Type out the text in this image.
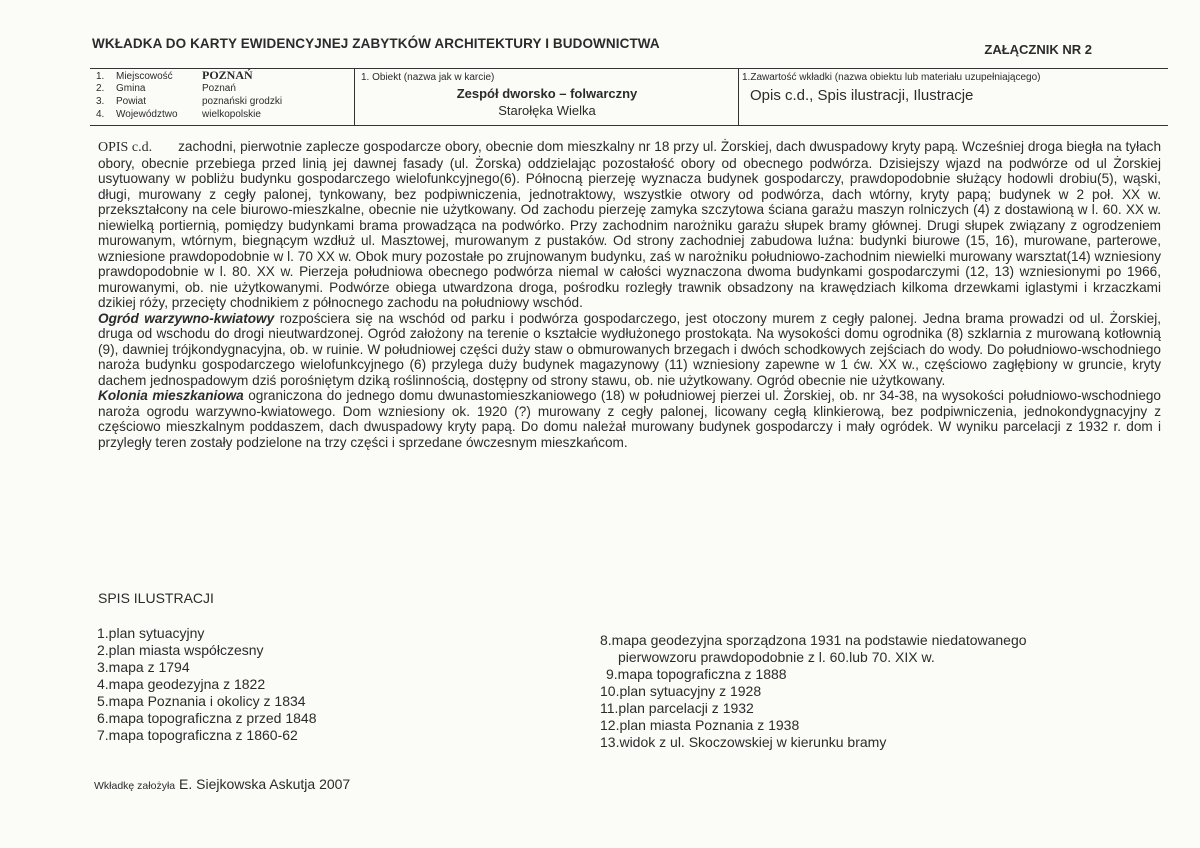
WKŁADKA DO KARTY EWIDENCYJNEJ ZABYTKÓW ARCHITEKTURY I BUDOWNICTWA	ZAŁĄCZNIK NR 2
1. Miejscowość POZNAŃ
2. Gmina	Poznań
3. Powiat	poznański grodzki
4. Województwo wielkopolskie
1. Obiekt (nazwa jak w karcie)
Zespół dworsko – folwarczny
Starołęka Wielka
1.Zawartość wkładki (nazwa obiektu lub materiału uzupełniającego)
Opis c.d., Spis ilustracji, Ilustracje

OPIS c.d. zachodni, pierwotnie zaplecze gospodarcze obory, obecnie dom mieszkalny nr 18 przy ul. Żorskiej, dach dwuspadowy kryty papą. Wcześniej droga biegła na tyłach obory, obecnie przebiega przed linią jej dawnej fasady (ul. Żorska) oddzielając pozostałość obory od obecnego podwórza. Dzisiejszy wjazd na podwórze od ul Żorskiej usytuowany w pobliżu budynku gospodarczego wielofunkcyjnego(6). Północną pierzeję wyznacza budynek gospodarczy, prawdopodobnie służący hodowli drobiu(5), wąski, długi, murowany z cegły palonej, tynkowany, bez podpiwniczenia, jednotraktowy, wszystkie otwory od podwórza, dach wtórny, kryty papą; budynek w 2 poł. XX w. przekształcony na cele biurowo-mieszkalne, obecnie nie użytkowany. Od zachodu pierzeję zamyka szczytowa ściana garażu maszyn rolniczych (4) z dostawioną w l. 60. XX w. niewielką portiernią, pomiędzy budynkami brama prowadząca na podwórko. Przy zachodnim narożniku garażu słupek bramy głównej. Drugi słupek związany z ogrodzeniem murowanym, wtórnym, biegnącym wzdłuż ul. Masztowej, murowanym z pustaków. Od strony zachodniej zabudowa luźna: budynki biurowe (15, 16), murowane, parterowe, wzniesione prawdopodobnie w l. 70 XX w. Obok mury pozostałe po zrujnowanym budynku, zaś w narożniku południowo-zachodnim niewielki murowany warsztat(14) wzniesiony prawdopodobnie w l. 80. XX w. Pierzeja południowa obecnego podwórza niemal w całości wyznaczona dwoma budynkami gospodarczymi (12, 13) wzniesionymi po 1966, murowanymi, ob. nie użytkowanymi. Podwórze obiega utwardzona droga, pośrodku rozległy trawnik obsadzony na krawędziach kilkoma drzewkami iglastymi i krzaczkami dzikiej róży, przecięty chodnikiem z północnego zachodu na południowy wschód.

Ogród warzywno-kwiatowy rozpościera się na wschód od parku i podwórza gospodarczego, jest otoczony murem z cegły palonej. Jedna brama prowadzi od ul. Żorskiej, druga od wschodu do drogi nieutwardzonej. Ogród założony na terenie o kształcie wydłużonego prostokąta. Na wysokości domu ogrodnika (8) szklarnia z murowaną kotłownią (9), dawniej trójkondygnacyjna, ob. w ruinie. W południowej części duży staw o obmurowanych brzegach i dwóch schodkowych zejściach do wody. Do południowo-wschodniego naroża budynku gospodarczego wielofunkcyjnego (6) przylega duży budynek magazynowy (11) wzniesiony zapewne w 1 ćw. XX w., częściowo zagłębiony w gruncie, kryty dachem jednospadowym dziś porośniętym dziką roślinnością, dostępny od strony stawu, ob. nie użytkowany. Ogród obecnie nie użytkowany.

Kolonia mieszkaniowa ograniczona do jednego domu dwunastomieszkaniowego (18) w południowej pierzei ul. Żorskiej, ob. nr 34-38, na wysokości południowo-wschodniego naroża ogrodu warzywno-kwiatowego. Dom wzniesiony ok. 1920 (?) murowany z cegły palonej, licowany cegłą klinkierową, bez podpiwniczenia, jednokondygnacyjny z częściowo mieszkalnym poddaszem, dach dwuspadowy kryty papą. Do domu należał murowany budynek gospodarczy i mały ogródek. W wyniku parcelacji z 1932 r. dom i przyległy teren zostały podzielone na trzy części i sprzedane ówczesnym mieszkańcom.

SPIS ILUSTRACJI
1.plan sytuacyjny
2.plan miasta współczesny
3.mapa z 1794
4.mapa geodezyjna z 1822
5.mapa Poznania i okolicy z 1834
6.mapa topograficzna z przed 1848
7.mapa topograficzna z 1860-62
8.mapa geodezyjna sporządzona 1931 na podstawie niedatowanego
pierwowzoru prawdopodobnie z l. 60.lub 70. XIX w.
9.mapa topograficzna z 1888
10.plan sytuacyjny z 1928
11.plan parcelacji z 1932
12.plan miasta Poznania z 1938
13.widok z ul. Skoczowskiej w kierunku bramy
Wkładkę założyła E. Siejkowska Askutja 2007
